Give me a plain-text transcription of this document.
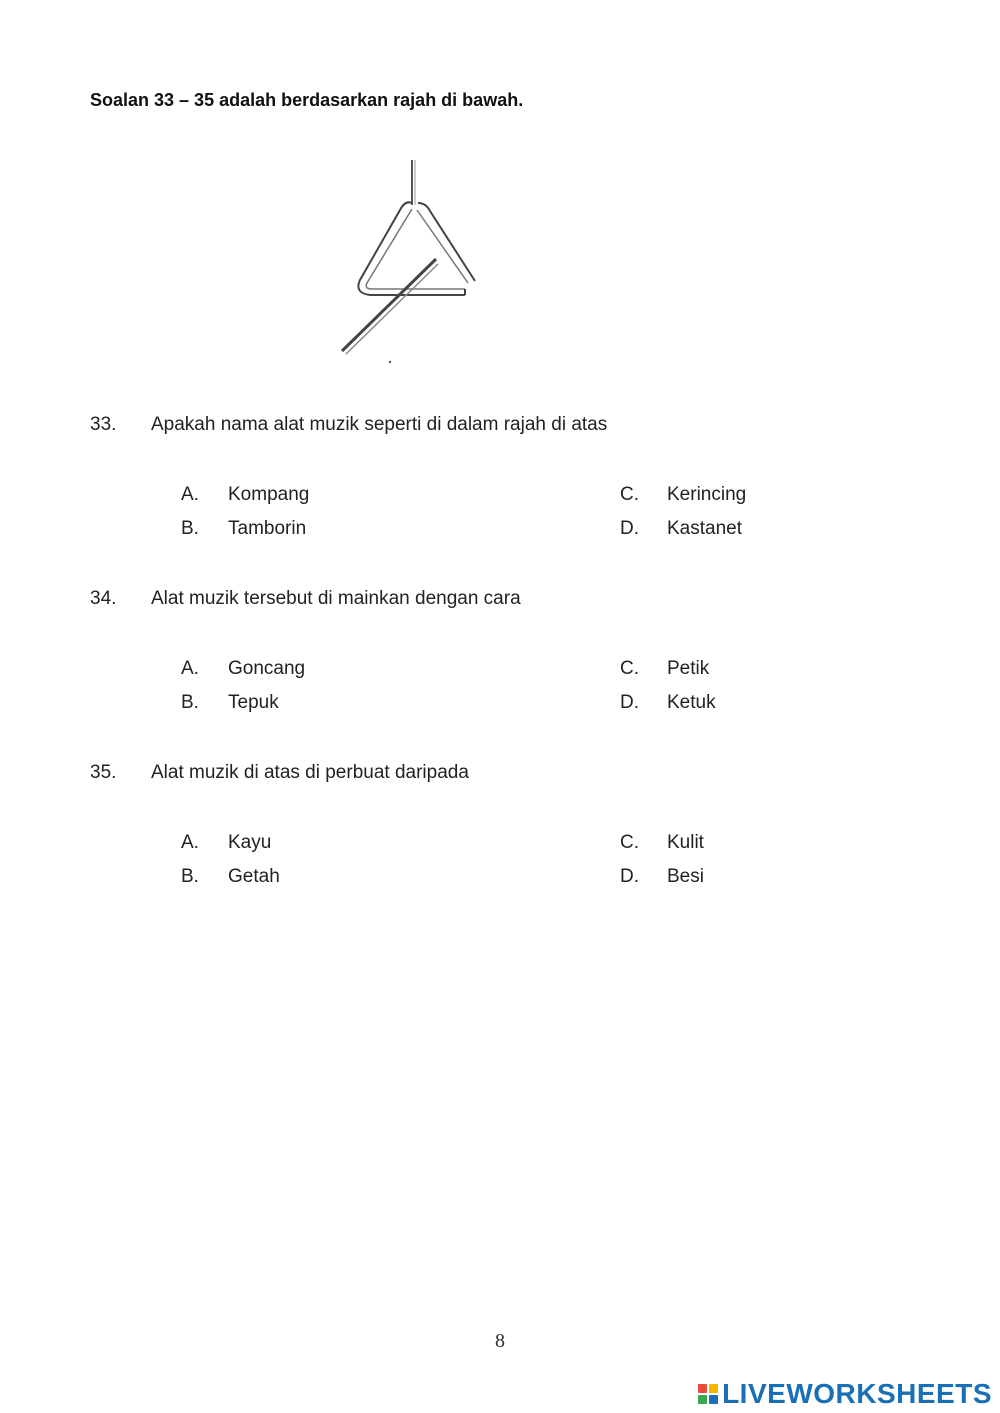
Soalan 33 – 35 adalah berdasarkan rajah di bawah.
33. Apakah nama alat muzik seperti di dalam rajah di atas
A. Kompang
B. Tamborin
C. Kerincing
D. Kastanet
34. Alat muzik tersebut di mainkan dengan cara
A. Goncang
B. Tepuk
C. Petik
D. Ketuk
35. Alat muzik di atas di perbuat daripada
A. Kayu
B. Getah
C. Kulit
D. Besi
8
LIVEWORKSHEETS
